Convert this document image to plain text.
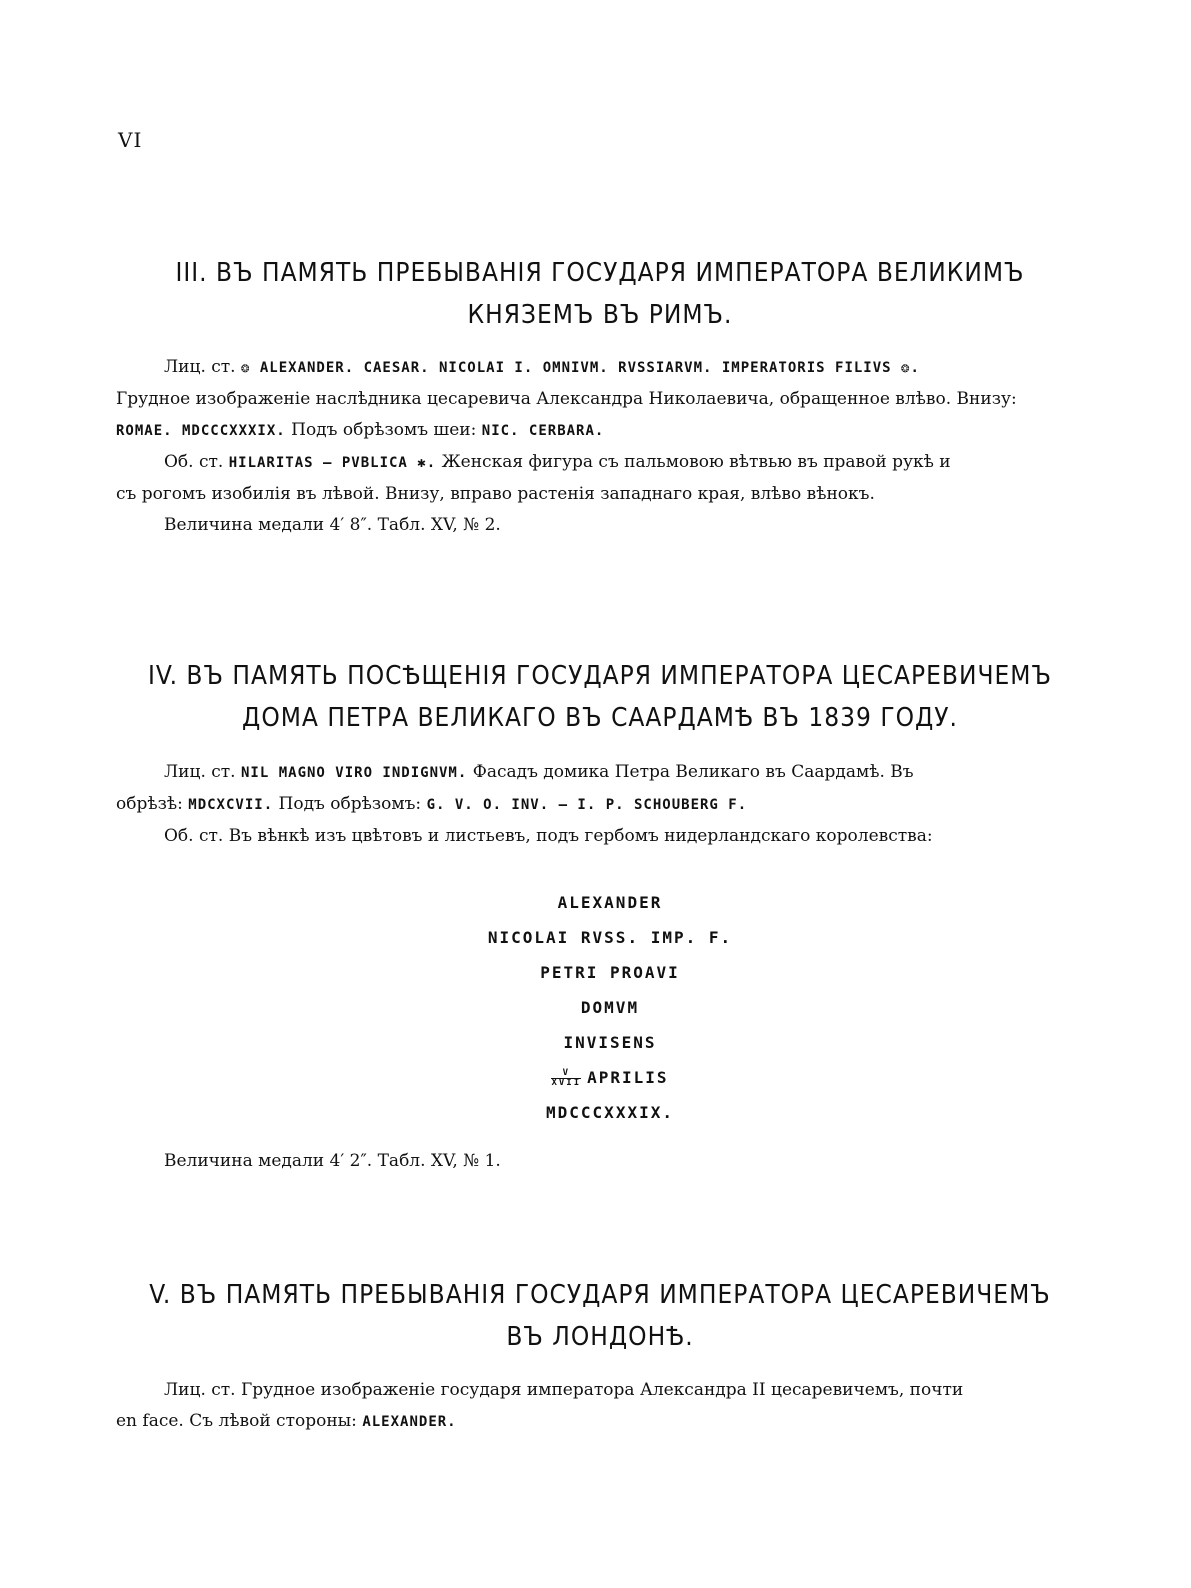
VI
III. ВЪ ПАМЯТЬ ПРЕБЫВАНІЯ ГОСУДАРЯ ИМПЕРАТОРА ВЕЛИКИМЪ
КНЯЗЕМЪ ВЪ РИМЪ.
Лиц. ст. ❂ ALEXANDER. CAESAR. NICOLAI I. OMNIVM. RVSSIARVM. IMPERATORIS FILIVS ❂.
Грудное изображеніе наслѣдника цесаревича Александра Николаевича, обращенное влѣво. Внизу:
ROMAE. MDCCCXXXIX. Подъ обрѣзомъ шеи: NIC. CERBARA.
Об. ст. HILARITAS — PVBLICA ✱. Женская фигура съ пальмовою вѣтвью въ правой рукѣ и
съ рогомъ изобилія въ лѣвой. Внизу, вправо растенія западнаго края, влѣво вѣнокъ.
Величина медали 4′ 8″. Табл. XV, № 2.
IV. ВЪ ПАМЯТЬ ПОСѢЩЕНІЯ ГОСУДАРЯ ИМПЕРАТОРА ЦЕСАРЕВИЧЕМЪ
ДОМА ПЕТРА ВЕЛИКАГО ВЪ СААРДАМѢ ВЪ 1839 ГОДУ.
Лиц. ст. NIL MAGNO VIRO INDIGNVM. Фасадъ домика Петра Великаго въ Саардамѣ. Въ
обрѣзѣ: MDCXCVII. Подъ обрѣзомъ: G. V. O. INV. — I. P. SCHOUBERG F.
Об. ст. Въ вѣнкѣ изъ цвѣтовъ и листьевъ, подъ гербомъ нидерландскаго королевства:
ALEXANDER
NICOLAI RVSS. IMP. F.
PETRI PROAVI
DOMVM
INVISENS
$\frac{V}{\text{XVII}}$ APRILIS
MDCCCXXXIX.
Величина медали 4′ 2″. Табл. XV, № 1.
V. ВЪ ПАМЯТЬ ПРЕБЫВАНІЯ ГОСУДАРЯ ИМПЕРАТОРА ЦЕСАРЕВИЧЕМЪ
ВЪ ЛОНДОНѢ.
Лиц. ст. Грудное изображеніе государя императора Александра II цесаревичемъ, почти
en face. Съ лѣвой стороны: ALEXANDER.
